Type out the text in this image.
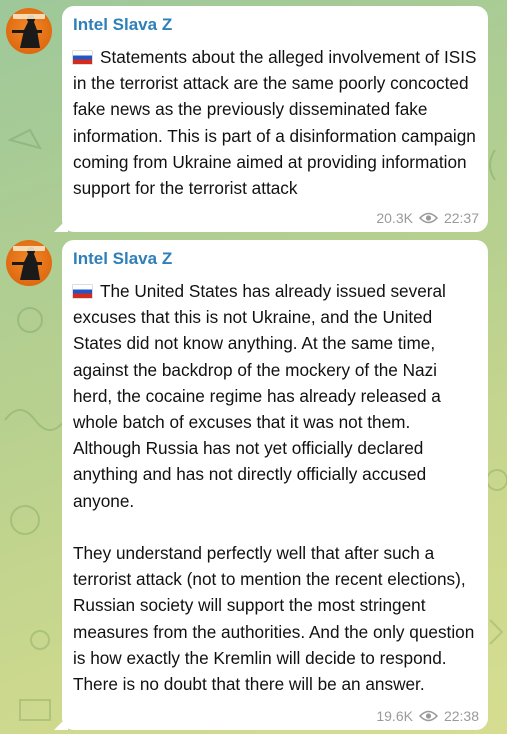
Intel Slava Z
Statements about the alleged involvement of ISIS in the terrorist attack are the same poorly concocted fake news as the previously disseminated fake information. This is part of a disinformation campaign coming from Ukraine aimed at providing information support for the terrorist attack
20.3K 22:37
Intel Slava Z
The United States has already issued several excuses that this is not Ukraine, and the United States did not know anything. At the same time, against the backdrop of the mockery of the Nazi herd, the cocaine regime has already released a whole batch of excuses that it was not them. Although Russia has not yet officially declared anything and has not directly officially accused anyone.

They understand perfectly well that after such a terrorist attack (not to mention the recent elections), Russian society will support the most stringent measures from the authorities. And the only question is how exactly the Kremlin will decide to respond. There is no doubt that there will be an answer.
19.6K 22:38
